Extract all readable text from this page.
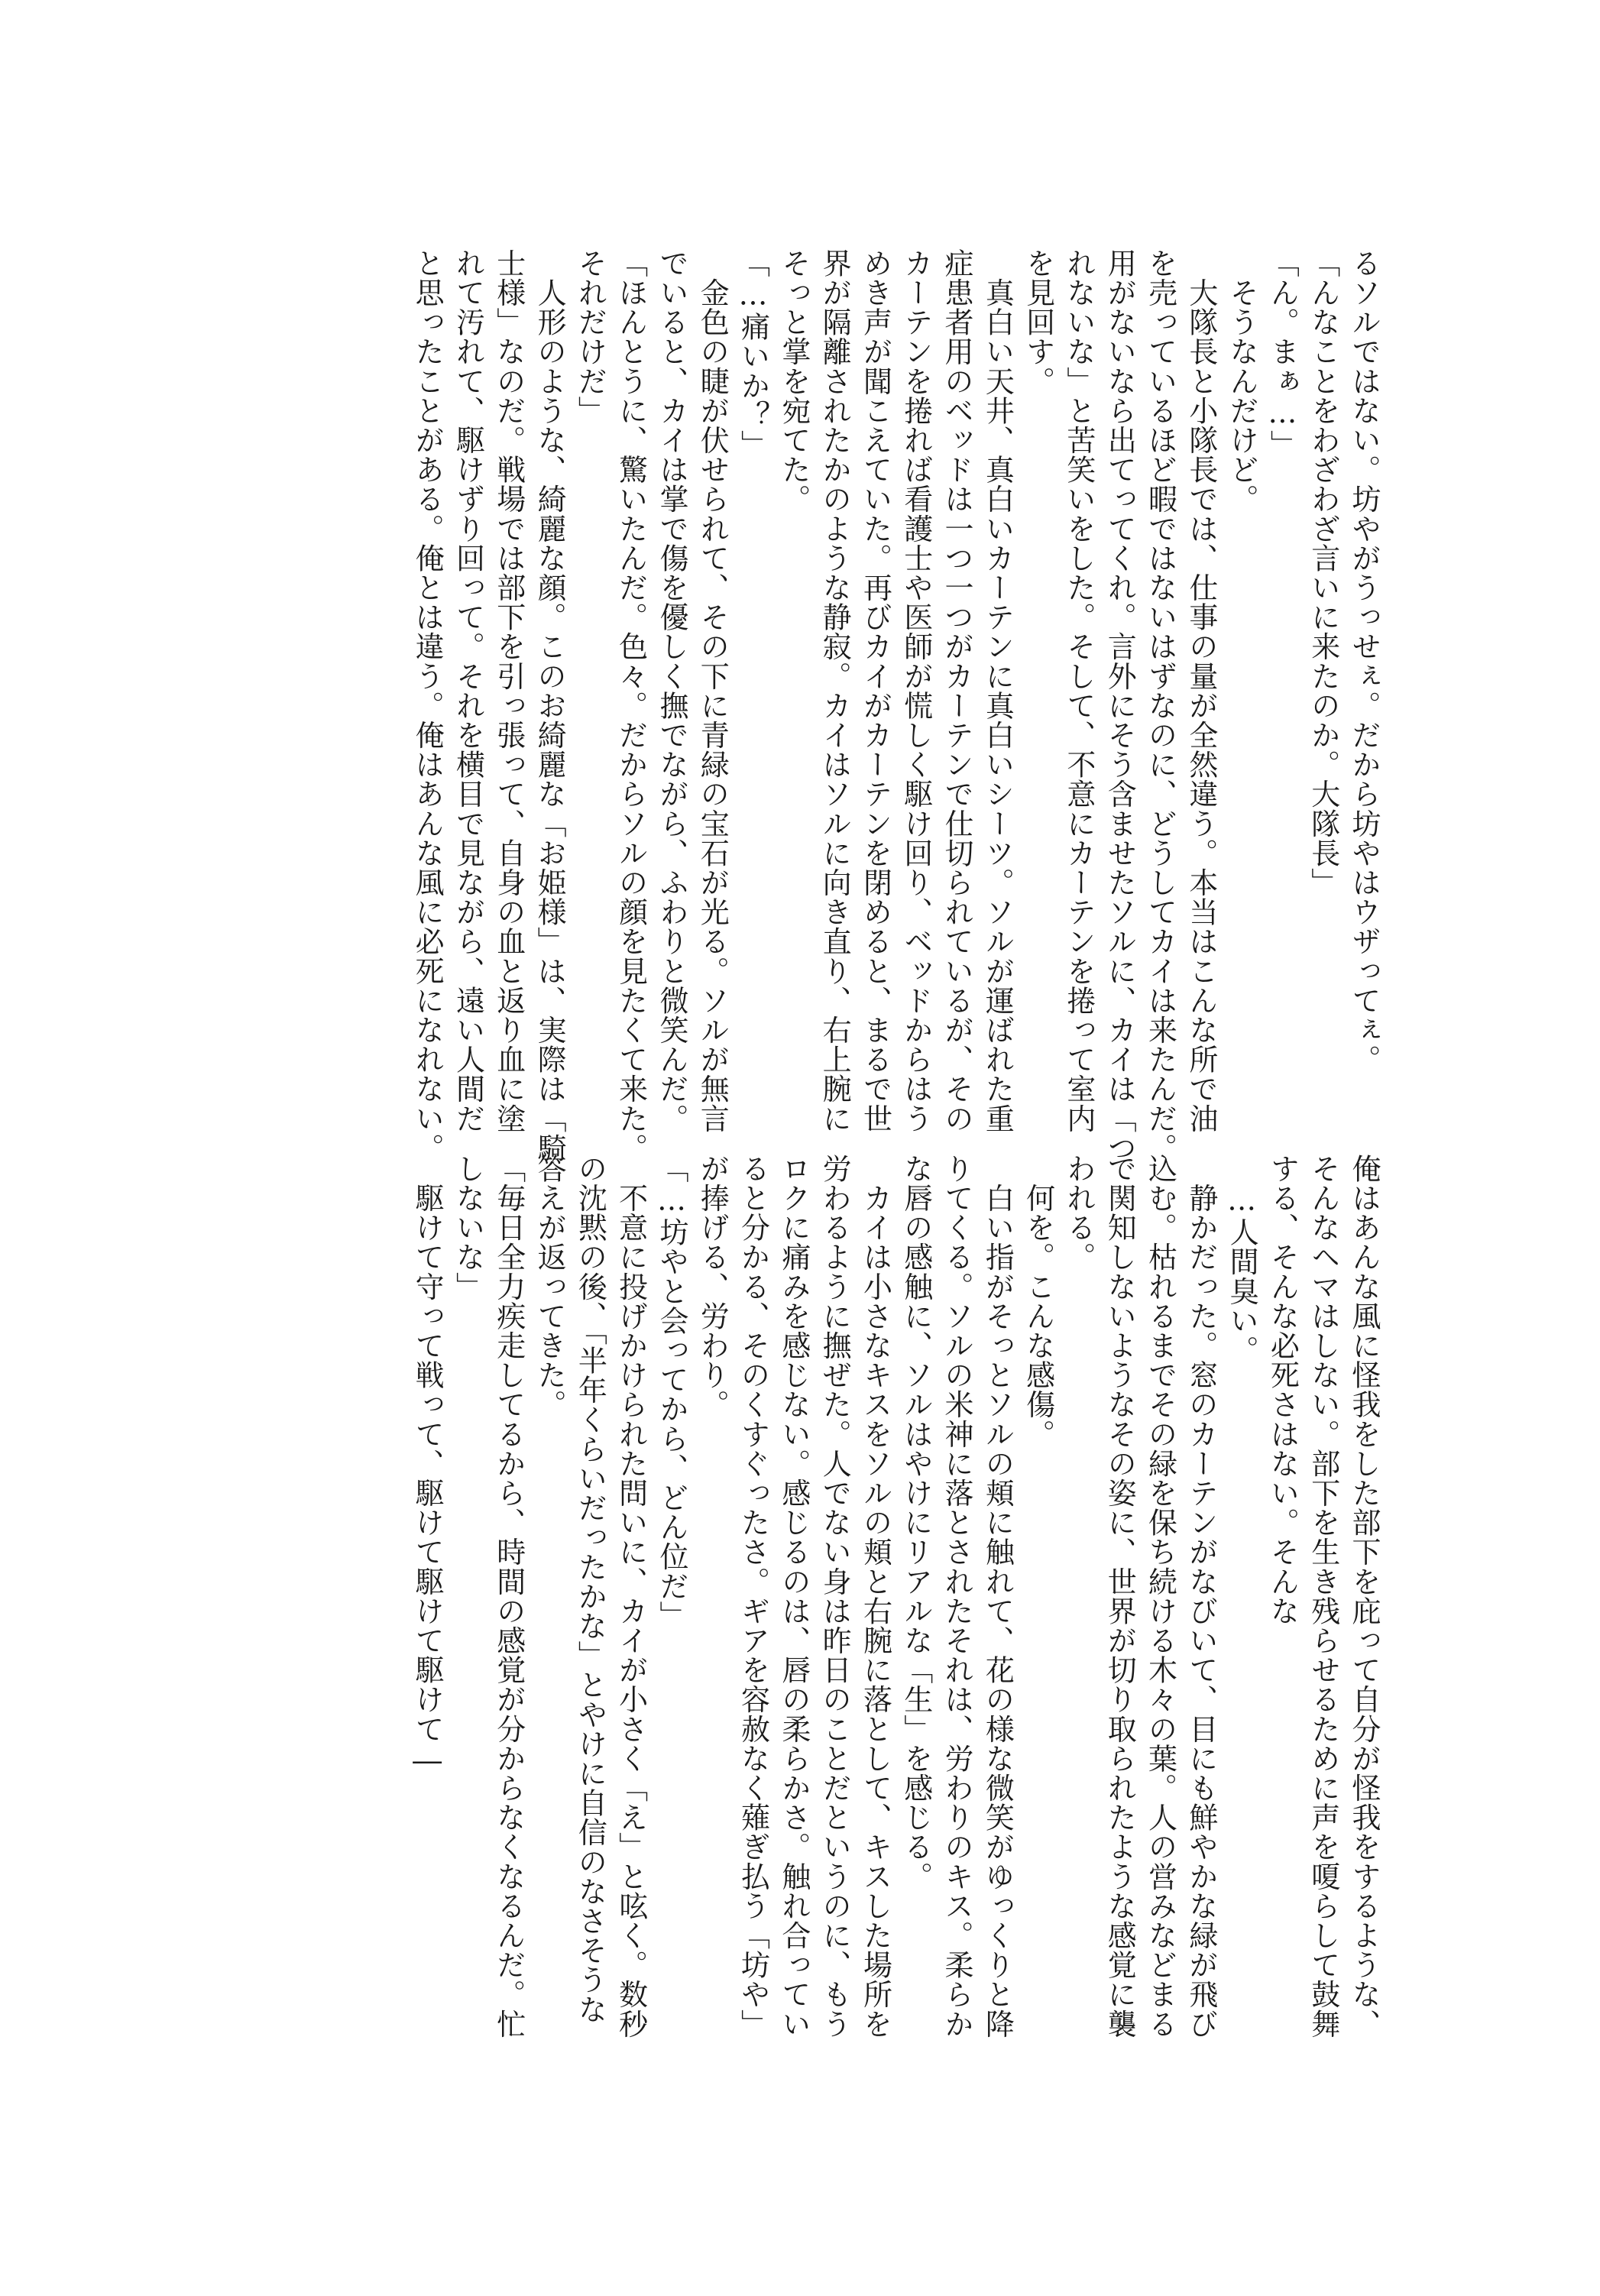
るソルではない。坊やがうっせぇ。だから坊やはウザってぇ。
「んなことをわざわざ言いに来たのか。大隊長」
「ん。まぁ…」
　そうなんだけど。
　大隊長と小隊長では、仕事の量が全然違う。本当はこんな所で油
を売っているほど暇ではないはずなのに、どうしてカイは来たんだ。
用がないなら出てってくれ。言外にそう含ませたソルに、カイは「つ
れないな」と苦笑いをした。そして、不意にカーテンを捲って室内
を見回す。
　真白い天井、真白いカーテンに真白いシーツ。ソルが運ばれた重
症患者用のベッドは一つ一つがカーテンで仕切られているが、その
カーテンを捲れば看護士や医師が慌しく駆け回り、ベッドからはう
めき声が聞こえていた。再びカイがカーテンを閉めると、まるで世
界が隔離されたかのような静寂。カイはソルに向き直り、右上腕に
そっと掌を宛てた。
「…痛いか？」
　金色の睫が伏せられて、その下に青緑の宝石が光る。ソルが無言
でいると、カイは掌で傷を優しく撫でながら、ふわりと微笑んだ。
「ほんとうに、驚いたんだ。色々。だからソルの顔を見たくて来た。
それだけだ」
　人形のような、綺麗な顔。このお綺麗な「お姫様」は、実際は「騎
士様」なのだ。戦場では部下を引っ張って、自身の血と返り血に塗
れて汚れて、駆けずり回って。それを横目で見ながら、遠い人間だ
と思ったことがある。俺とは違う。俺はあんな風に必死になれない。
俺はあんな風に怪我をした部下を庇って自分が怪我をするような、
そんなヘマはしない。部下を生き残らせるために声を嗄らして鼓舞
する、そんな必死さはない。そんな
　…人間臭い。
　静かだった。窓のカーテンがなびいて、目にも鮮やかな緑が飛び
込む。枯れるまでその緑を保ち続ける木々の葉。人の営みなどまる
で関知しないようなその姿に、世界が切り取られたような感覚に襲
われる。
　何を。こんな感傷。
　白い指がそっとソルの頬に触れて、花の様な微笑がゆっくりと降
りてくる。ソルの米神に落とされたそれは、労わりのキス。柔らか
な唇の感触に、ソルはやけにリアルな「生」を感じる。
　カイは小さなキスをソルの頬と右腕に落として、キスした場所を
労わるように撫ぜた。人でない身は昨日のことだというのに、もう
ロクに痛みを感じない。感じるのは、唇の柔らかさ。触れ合ってい
ると分かる、そのくすぐったさ。ギアを容赦なく薙ぎ払う「坊や」
が捧げる、労わり。
「…坊やと会ってから、どん位だ」
　不意に投げかけられた問いに、カイが小さく「え」と呟く。数秒
の沈黙の後、「半年くらいだったかな」とやけに自信のなさそうな
答えが返ってきた。
「毎日全力疾走してるから、時間の感覚が分からなくなるんだ。忙
しないな」
　駆けて守って戦って、駆けて駆けて駆けて―
